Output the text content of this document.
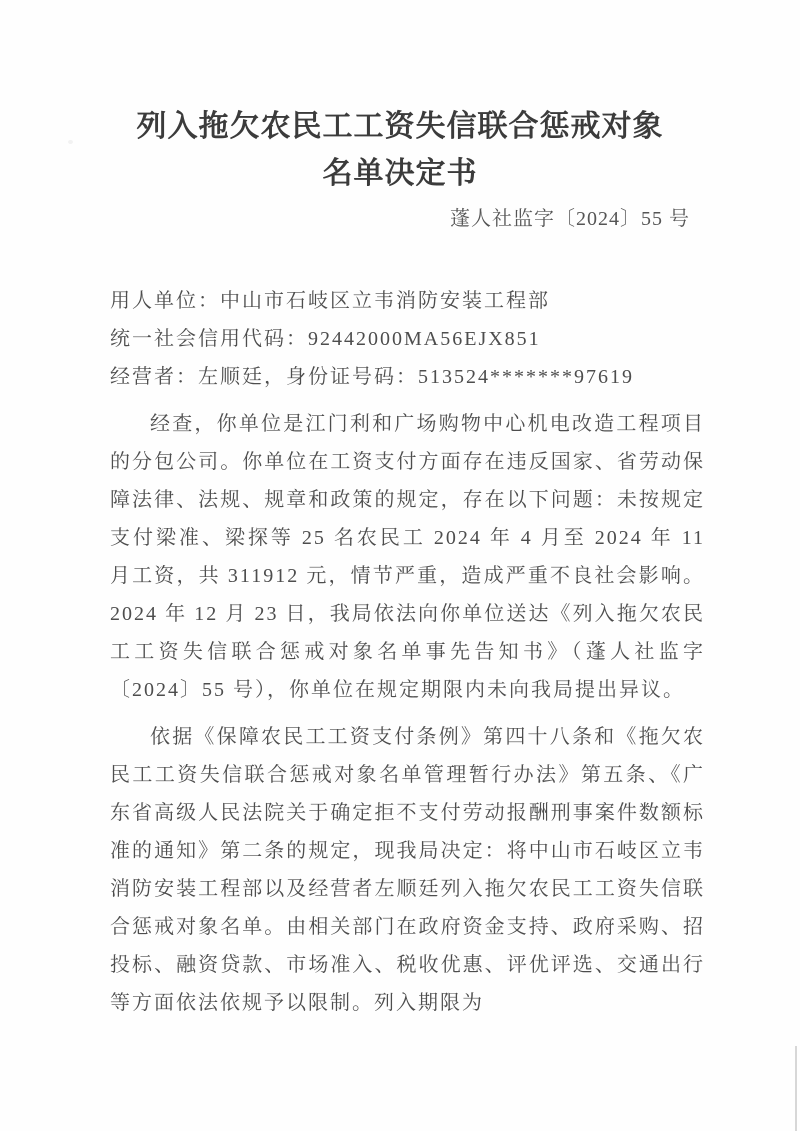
列入拖欠农民工工资失信联合惩戒对象
名单决定书
蓬人社监字〔2024〕55 号
用人单位：中山市石岐区立韦消防安装工程部
统一社会信用代码：92442000MA56EJX851
经营者：左顺廷，身份证号码：513524*******97619

经查，你单位是江门利和广场购物中心机电改造工程项目的分包公司。你单位在工资支付方面存在违反国家、省劳动保障法律、法规、规章和政策的规定，存在以下问题：未按规定支付梁准、梁探等 25 名农民工 2024 年 4 月至 2024 年 11 月工资，共 311912 元，情节严重，造成严重不良社会影响。2024 年 12 月 23 日，我局依法向你单位送达《列入拖欠农民工工资失信联合惩戒对象名单事先告知书》（蓬人社监字〔2024〕55 号），你单位在规定期限内未向我局提出异议。

依据《保障农民工工资支付条例》第四十八条和《拖欠农民工工资失信联合惩戒对象名单管理暂行办法》第五条、《广东省高级人民法院关于确定拒不支付劳动报酬刑事案件数额标准的通知》第二条的规定，现我局决定：将中山市石岐区立韦消防安装工程部以及经营者左顺廷列入拖欠农民工工资失信联合惩戒对象名单。由相关部门在政府资金支持、政府采购、招投标、融资贷款、市场准入、税收优惠、评优评选、交通出行等方面依法依规予以限制。列入期限为
